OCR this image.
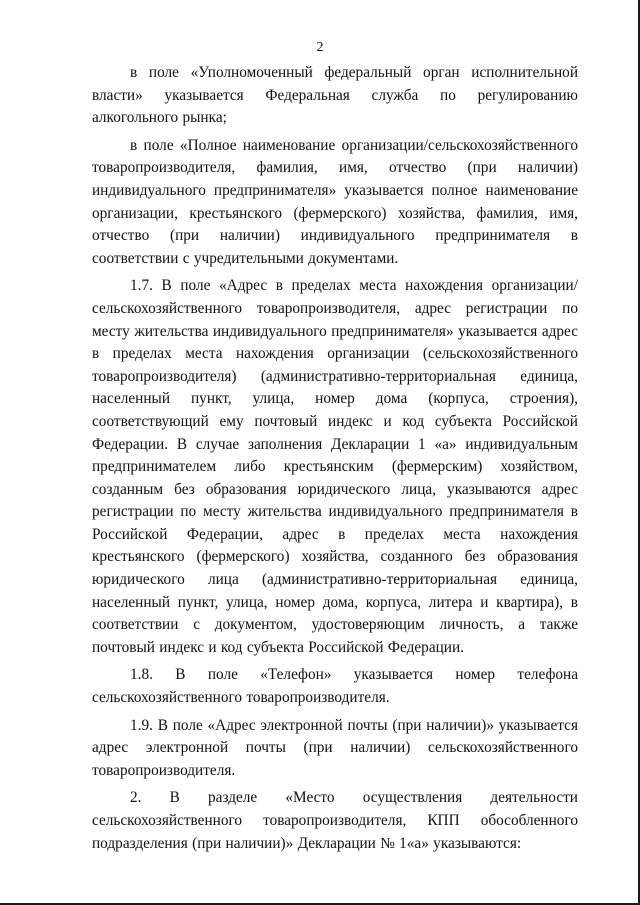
2

в поле «Уполномоченный федеральный орган исполнительной власти» указывается Федеральная служба по регулированию алкогольного рынка;

в поле «Полное наименование организации/сельскохозяйственного товаропроизводителя, фамилия, имя, отчество (при наличии) индивидуального предпринимателя» указывается полное наименование организации, крестьянского (фермерского) хозяйства, фамилия, имя, отчество (при наличии) индивидуального предпринимателя в соответствии с учредительными документами.

1.7. В поле «Адрес в пределах места нахождения организации/сельскохозяйственного товаропроизводителя, адрес регистрации по месту жительства индивидуального предпринимателя» указывается адрес в пределах места нахождения организации (сельскохозяйственного товаропроизводителя) (административно-территориальная единица, населенный пункт, улица, номер дома (корпуса, строения), соответствующий ему почтовый индекс и код субъекта Российской Федерации. В случае заполнения Декларации 1 «а» индивидуальным предпринимателем либо крестьянским (фермерским) хозяйством, созданным без образования юридического лица, указываются адрес регистрации по месту жительства индивидуального предпринимателя в Российской Федерации, адрес в пределах места нахождения крестьянского (фермерского) хозяйства, созданного без образования юридического лица (административно-территориальная единица, населенный пункт, улица, номер дома, корпуса, литера и квартира), в соответствии с документом, удостоверяющим личность, а также почтовый индекс и код субъекта Российской Федерации.

1.8. В поле «Телефон» указывается номер телефона сельскохозяйственного товаропроизводителя.

1.9. В поле «Адрес электронной почты (при наличии)» указывается адрес электронной почты (при наличии) сельскохозяйственного товаропроизводителя.

2. В разделе «Место осуществления деятельности сельскохозяйственного товаропроизводителя, КПП обособленного подразделения (при наличии)» Декларации № 1«а» указываются:
